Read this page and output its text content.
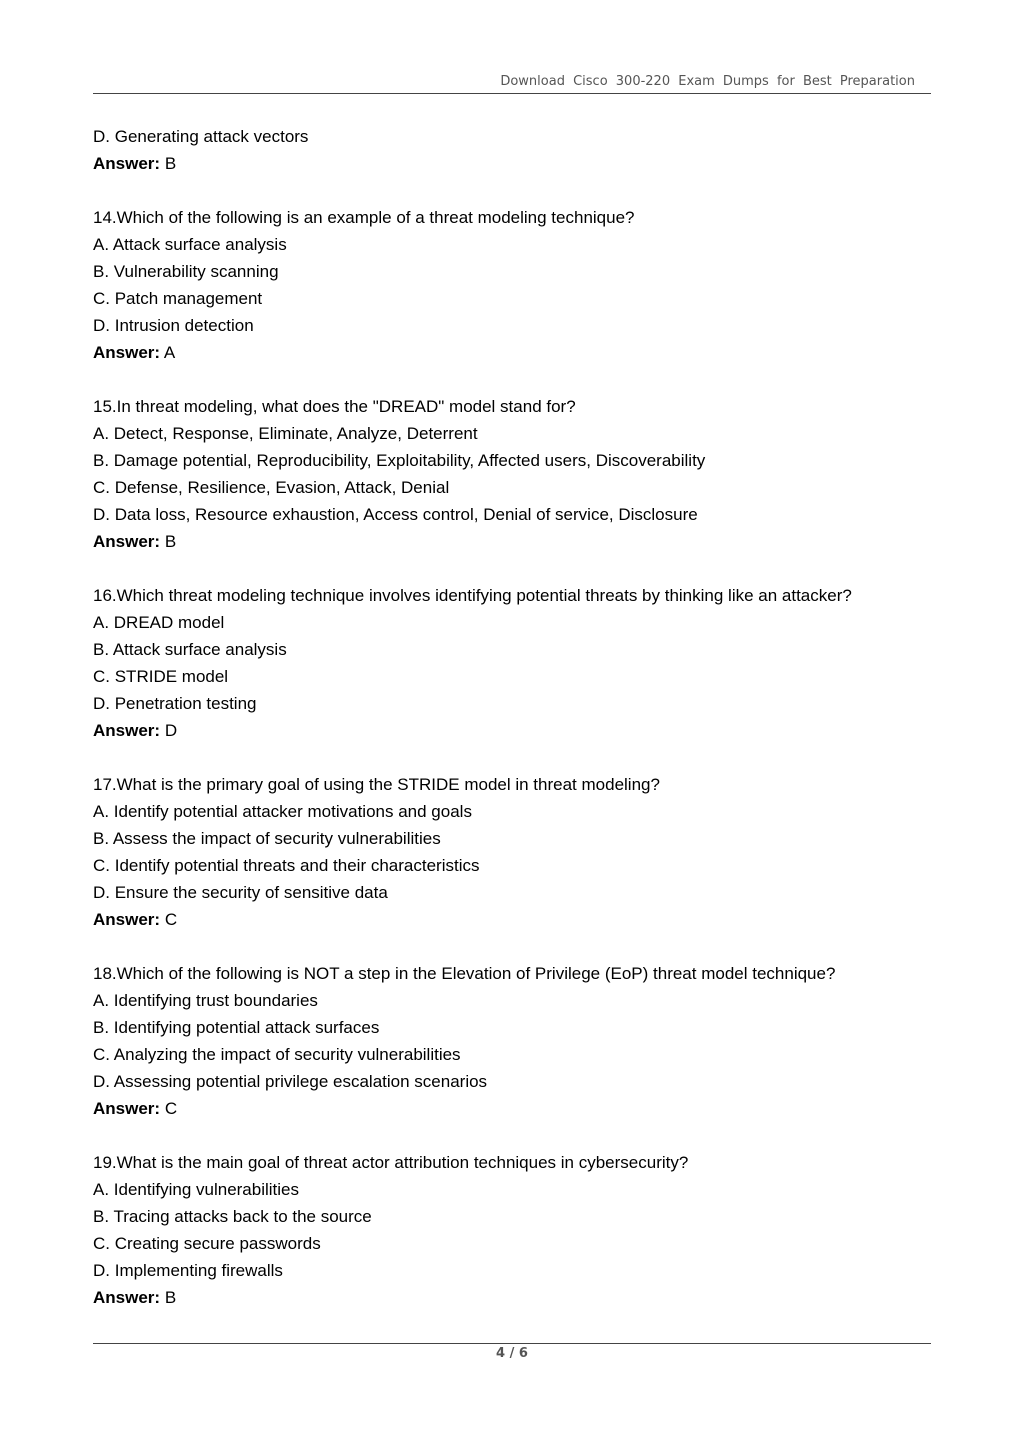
Download Cisco 300-220 Exam Dumps for Best Preparation
D. Generating attack vectors
Answer: B
14.Which of the following is an example of a threat modeling technique?
A. Attack surface analysis
B. Vulnerability scanning
C. Patch management
D. Intrusion detection
Answer: A
15.In threat modeling, what does the "DREAD" model stand for?
A. Detect, Response, Eliminate, Analyze, Deterrent
B. Damage potential, Reproducibility, Exploitability, Affected users, Discoverability
C. Defense, Resilience, Evasion, Attack, Denial
D. Data loss, Resource exhaustion, Access control, Denial of service, Disclosure
Answer: B
16.Which threat modeling technique involves identifying potential threats by thinking like an attacker?
A. DREAD model
B. Attack surface analysis
C. STRIDE model
D. Penetration testing
Answer: D
17.What is the primary goal of using the STRIDE model in threat modeling?
A. Identify potential attacker motivations and goals
B. Assess the impact of security vulnerabilities
C. Identify potential threats and their characteristics
D. Ensure the security of sensitive data
Answer: C
18.Which of the following is NOT a step in the Elevation of Privilege (EoP) threat model technique?
A. Identifying trust boundaries
B. Identifying potential attack surfaces
C. Analyzing the impact of security vulnerabilities
D. Assessing potential privilege escalation scenarios
Answer: C
19.What is the main goal of threat actor attribution techniques in cybersecurity?
A. Identifying vulnerabilities
B. Tracing attacks back to the source
C. Creating secure passwords
D. Implementing firewalls
Answer: B
4 / 6
